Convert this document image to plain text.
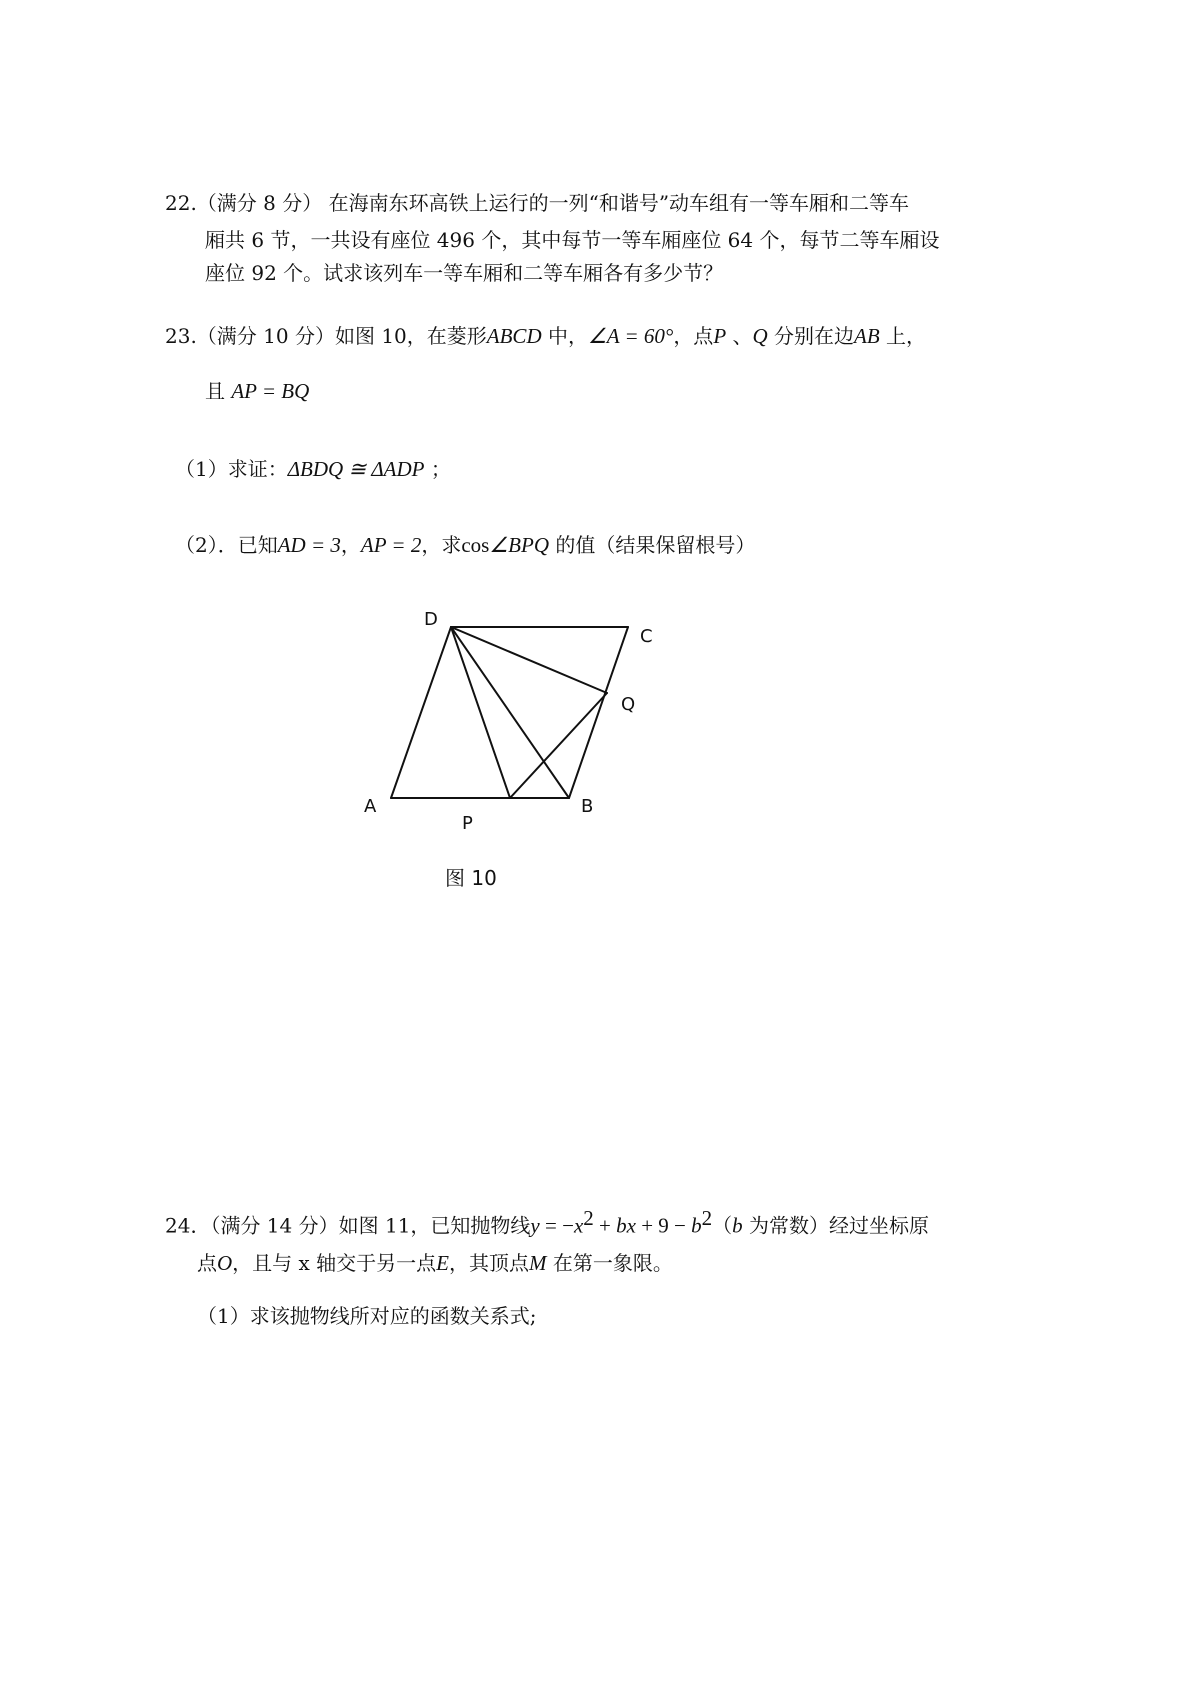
22.（满分 8 分） 在海南东环高铁上运行的一列“和谐号”动车组有一等车厢和二等车
厢共 6 节，一共设有座位 496 个，其中每节一等车厢座位 64 个，每节二等车厢设
座位 92 个。试求该列车一等车厢和二等车厢各有多少节？
23.（满分 10 分）如图 10，在菱形ABCD 中，∠A = 60°，点P 、Q 分别在边AB 上，
且 AP = BQ
（1）求证：ΔBDQ ≅ ΔADP ；
（2）．已知AD = 3，AP = 2，求cos∠BPQ 的值（结果保留根号）
D
C
Q
A	B
P
图 10
24．（满分 14 分）如图 11，已知抛物线$y = -x^2$ + bx + $9 - b^2(b$ 为常数）经过坐标原
点O，且与 x 轴交于另一点E，其顶点M 在第一象限。
（1）求该抛物线所对应的函数关系式;
